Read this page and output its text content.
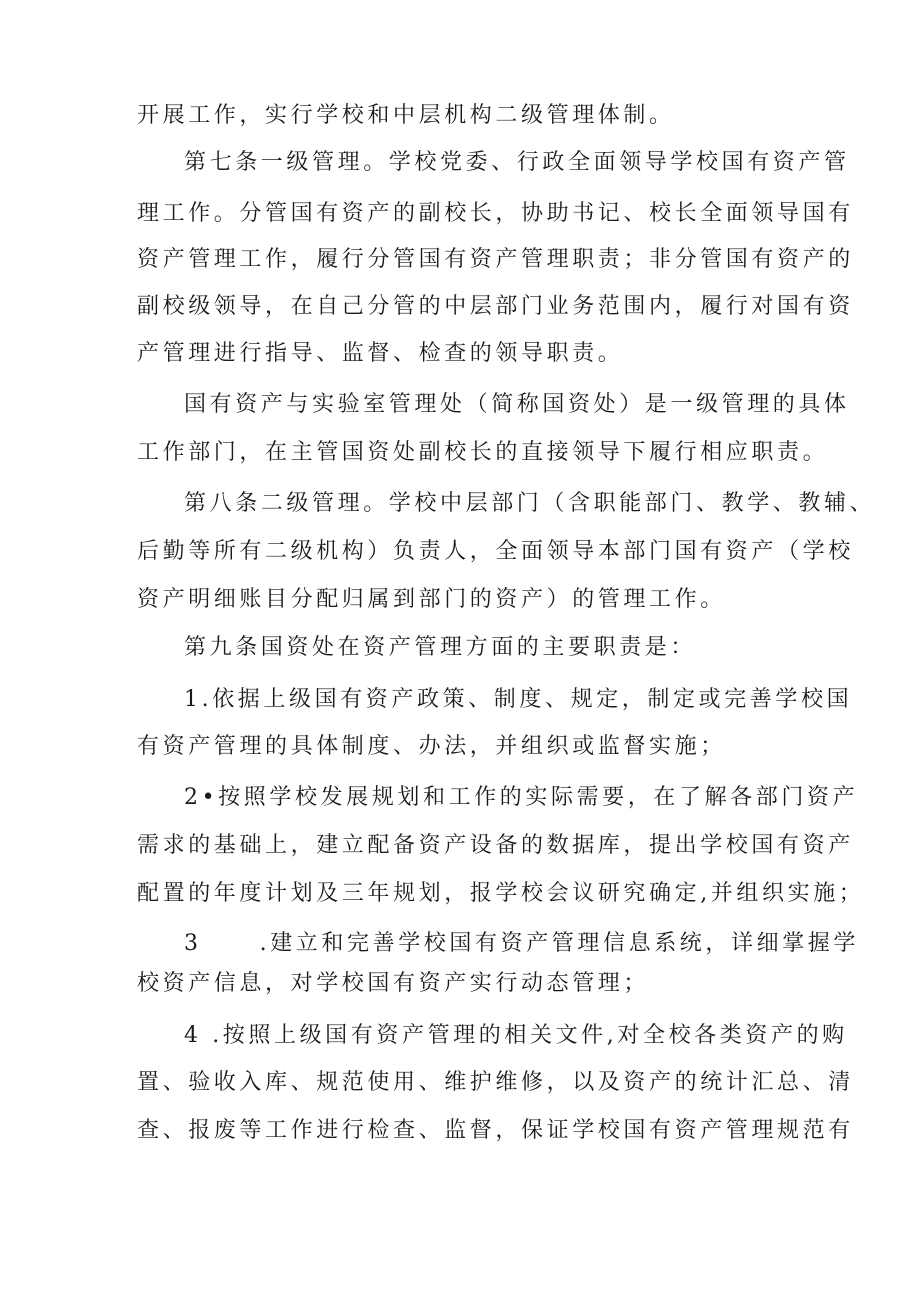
开展工作，实行学校和中层机构二级管理体制。
第七条一级管理。学校党委、行政全面领导学校国有资产管
理工作。分管国有资产的副校长，协助书记、校长全面领导国有
资产管理工作，履行分管国有资产管理职责；非分管国有资产的
副校级领导，在自己分管的中层部门业务范围内，履行对国有资
产管理进行指导、监督、检查的领导职责。
国有资产与实验室管理处（简称国资处）是一级管理的具体
工作部门，在主管国资处副校长的直接领导下履行相应职责。
第八条二级管理。学校中层部门（含职能部门、教学、教辅、
后勤等所有二级机构）负责人，全面领导本部门国有资产（学校
资产明细账目分配归属到部门的资产）的管理工作。
第九条国资处在资产管理方面的主要职责是：
1.依据上级国有资产政策、制度、规定，制定或完善学校国
有资产管理的具体制度、办法，并组织或监督实施；
2•按照学校发展规划和工作的实际需要，在了解各部门资产
需求的基础上，建立配备资产设备的数据库，提出学校国有资产
配置的年度计划及三年规划，报学校会议研究确定,并组织实施；
3	.建立和完善学校国有资产管理信息系统，详细掌握学
校资产信息，对学校国有资产实行动态管理；
4 .按照上级国有资产管理的相关文件,对全校各类资产的购
置、验收入库、规范使用、维护维修，以及资产的统计汇总、清
查、报废等工作进行检查、监督，保证学校国有资产管理规范有
